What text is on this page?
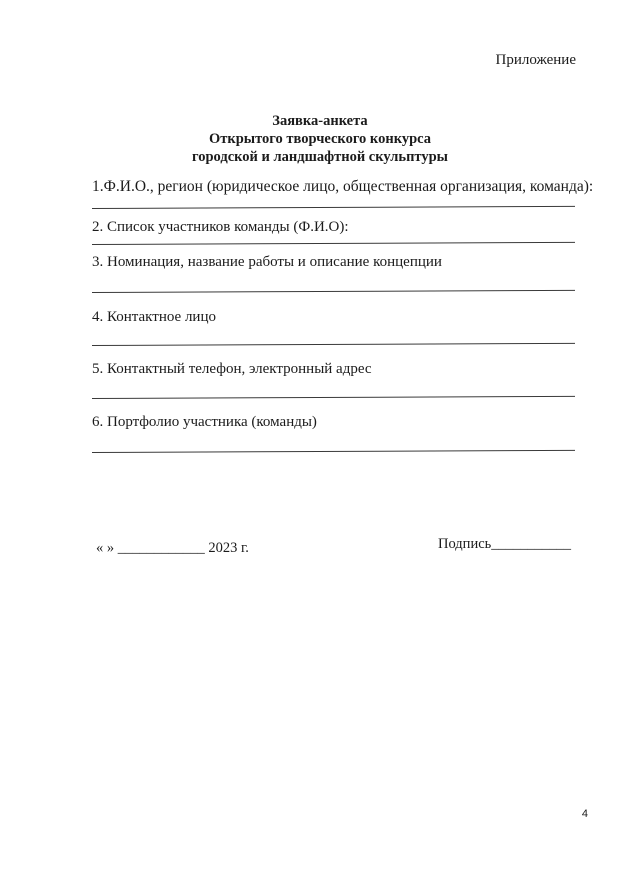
Приложение
Заявка-анкета
Открытого творческого конкурса
городской и ландшафтной скульптуры
1.Ф.И.О., регион (юридическое лицо, общественная организация, команда):
2. Список участников команды (Ф.И.О):
3. Номинация, название работы и описание концепции
4. Контактное лицо
5. Контактный телефон, электронный адрес
6. Портфолио участника (команды)
« » ____________ 2023 г.	Подпись___________
4
